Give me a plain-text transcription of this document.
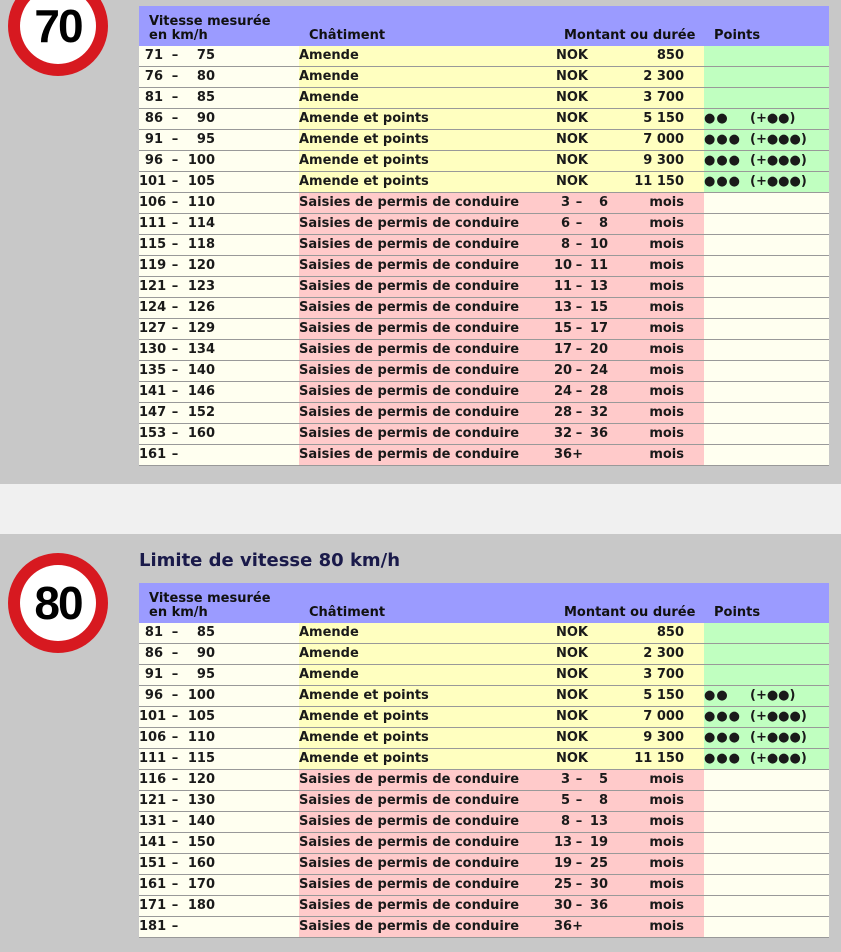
70
80
Limite de vitesse 80 km/h
Vitesse mesurée
en km/h	Châtiment	Montant ou durée	Points
71 – 75	Amende	NOK 850	
76 – 80	Amende	NOK 2 300	
81 – 85	Amende	NOK 3 700	
86 – 90	Amende et points	NOK 5 150	●● (+●●)
91 – 95	Amende et points	NOK 7 000	●●● (+●●●)
96 – 100	Amende et points	NOK 9 300	●●● (+●●●)
101 – 105	Amende et points	NOK 11 150	●●● (+●●●)
106 – 110	Saisies de permis de conduire	3 – 6 mois	
111 – 114	Saisies de permis de conduire	6 – 8 mois	
115 – 118	Saisies de permis de conduire	8 – 10 mois	
119 – 120	Saisies de permis de conduire	10 – 11 mois	
121 – 123	Saisies de permis de conduire	11 – 13 mois	
124 – 126	Saisies de permis de conduire	13 – 15 mois	
127 – 129	Saisies de permis de conduire	15 – 17 mois	
130 – 134	Saisies de permis de conduire	17 – 20 mois	
135 – 140	Saisies de permis de conduire	20 – 24 mois	
141 – 146	Saisies de permis de conduire	24 – 28 mois	
147 – 152	Saisies de permis de conduire	28 – 32 mois	
153 – 160	Saisies de permis de conduire	32 – 36 mois	
161 –	Saisies de permis de conduire	36+ mois	
Vitesse mesurée
en km/h	Châtiment	Montant ou durée	Points
81 – 85	Amende	NOK 850	
86 – 90	Amende	NOK 2 300	
91 – 95	Amende	NOK 3 700	
96 – 100	Amende et points	NOK 5 150	●● (+●●)
101 – 105	Amende et points	NOK 7 000	●●● (+●●●)
106 – 110	Amende et points	NOK 9 300	●●● (+●●●)
111 – 115	Amende et points	NOK 11 150	●●● (+●●●)
116 – 120	Saisies de permis de conduire	3 – 5 mois	
121 – 130	Saisies de permis de conduire	5 – 8 mois	
131 – 140	Saisies de permis de conduire	8 – 13 mois	
141 – 150	Saisies de permis de conduire	13 – 19 mois	
151 – 160	Saisies de permis de conduire	19 – 25 mois	
161 – 170	Saisies de permis de conduire	25 – 30 mois	
171 – 180	Saisies de permis de conduire	30 – 36 mois	
181 –	Saisies de permis de conduire	36+ mois	
